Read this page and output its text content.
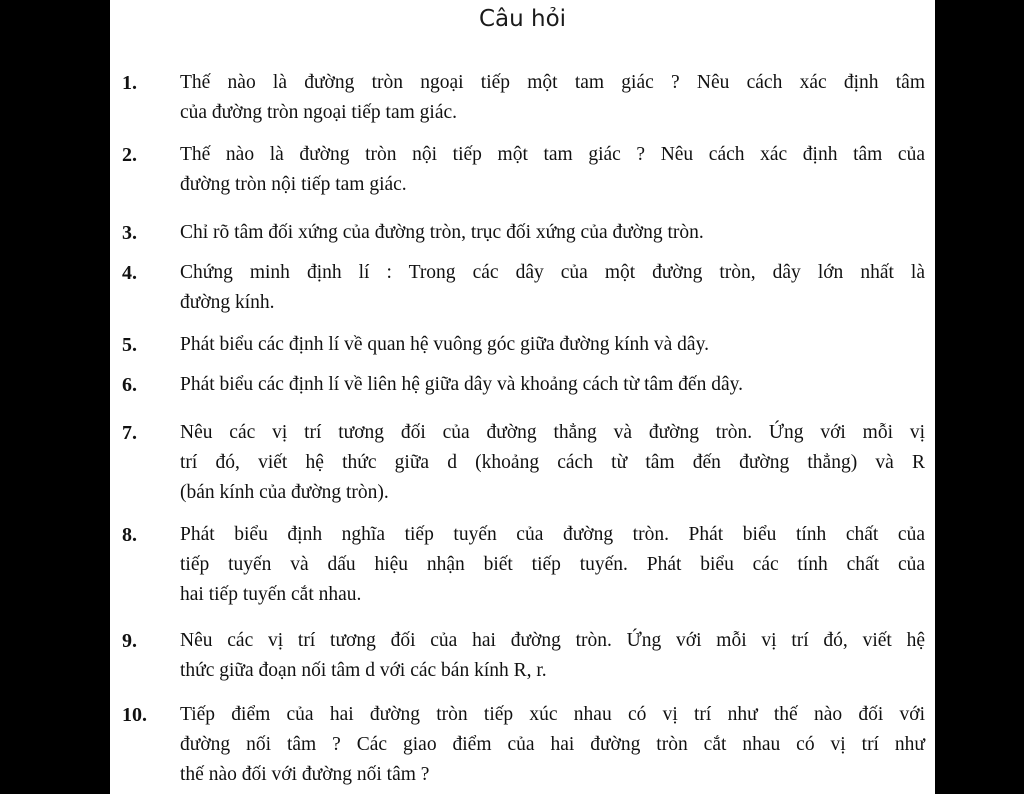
Câu hỏi
1. Thế nào là đường tròn ngoại tiếp một tam giác ? Nêu cách xác định tâm
của đường tròn ngoại tiếp tam giác.
2. Thế nào là đường tròn nội tiếp một tam giác ? Nêu cách xác định tâm của
đường tròn nội tiếp tam giác.
3. Chỉ rõ tâm đối xứng của đường tròn, trục đối xứng của đường tròn.
4. Chứng minh định lí : Trong các dây của một đường tròn, dây lớn nhất là
đường kính.
5. Phát biểu các định lí về quan hệ vuông góc giữa đường kính và dây.
6. Phát biểu các định lí về liên hệ giữa dây và khoảng cách từ tâm đến dây.
7. Nêu các vị trí tương đối của đường thẳng và đường tròn. Ứng với mỗi vị
trí đó, viết hệ thức giữa d (khoảng cách từ tâm đến đường thẳng) và R
(bán kính của đường tròn).
8. Phát biểu định nghĩa tiếp tuyến của đường tròn. Phát biểu tính chất của
tiếp tuyến và dấu hiệu nhận biết tiếp tuyến. Phát biểu các tính chất của
hai tiếp tuyến cắt nhau.
9. Nêu các vị trí tương đối của hai đường tròn. Ứng với mỗi vị trí đó, viết hệ
thức giữa đoạn nối tâm d với các bán kính R, r.
10. Tiếp điểm của hai đường tròn tiếp xúc nhau có vị trí như thế nào đối với
đường nối tâm ? Các giao điểm của hai đường tròn cắt nhau có vị trí như
thế nào đối với đường nối tâm ?
